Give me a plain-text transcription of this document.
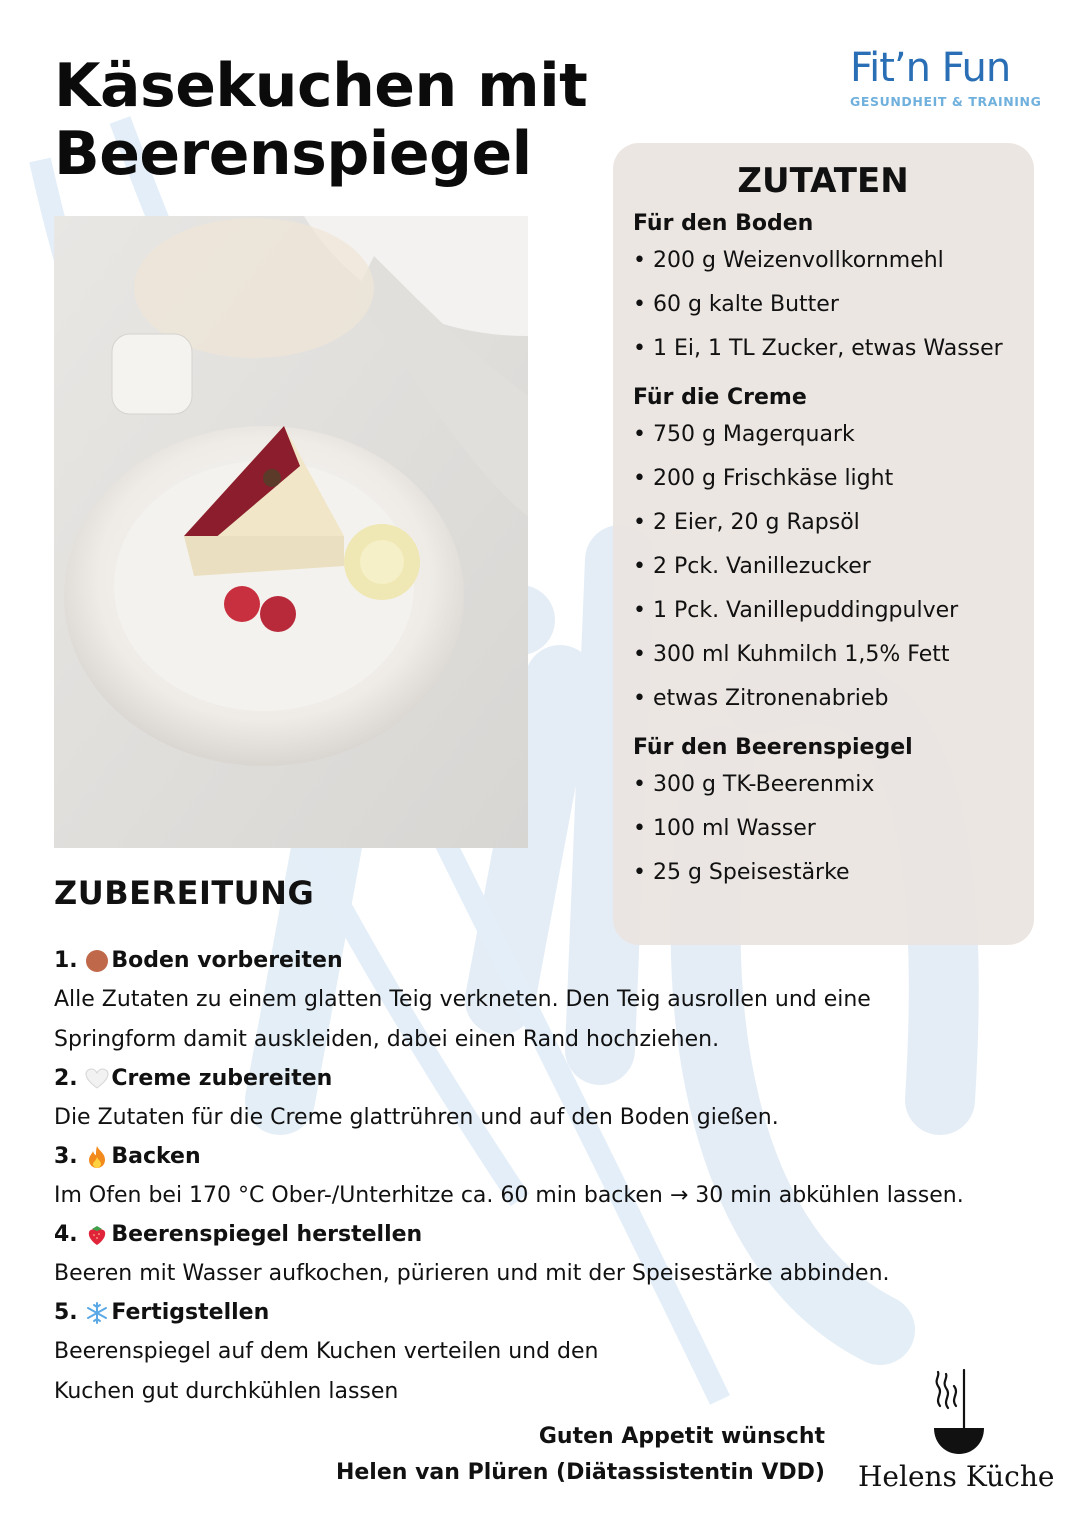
Käsekuchen mit Beerenspiegel
Fit’n Fun
GESUNDHEIT & TRAINING
ZUTATEN
Für den Boden
• 200 g Weizenvollkornmehl
• 60 g kalte Butter
• 1 Ei, 1 TL Zucker, etwas Wasser
Für die Creme
• 750 g Magerquark
• 200 g Frischkäse light
• 2 Eier, 20 g Rapsöl
• 2 Pck. Vanillezucker
• 1 Pck. Vanillepuddingpulver
• 300 ml Kuhmilch 1,5% Fett
• etwas Zitronenabrieb
Für den Beerenspiegel
• 300 g TK-Beerenmix
• 100 ml Wasser
• 25 g Speisestärke
ZUBEREITUNG
1.
Boden vorbereiten
Alle Zutaten zu einem glatten Teig verkneten. Den Teig ausrollen und eine
Springform damit auskleiden, dabei einen Rand hochziehen.
2.
Creme zubereiten
Die Zutaten für die Creme glattrühren und auf den Boden gießen.
3.
Backen
Im Ofen bei 170 °C Ober-/Unterhitze ca. 60 min backen → 30 min abkühlen lassen.
4.
Beerenspiegel herstellen
Beeren mit Wasser aufkochen, pürieren und mit der Speisestärke abbinden.
5.
Fertigstellen
Beerenspiegel auf dem Kuchen verteilen und den
Kuchen gut durchkühlen lassen
Guten Appetit wünscht
Helen van Plüren (Diätassistentin VDD) Helens Küche
